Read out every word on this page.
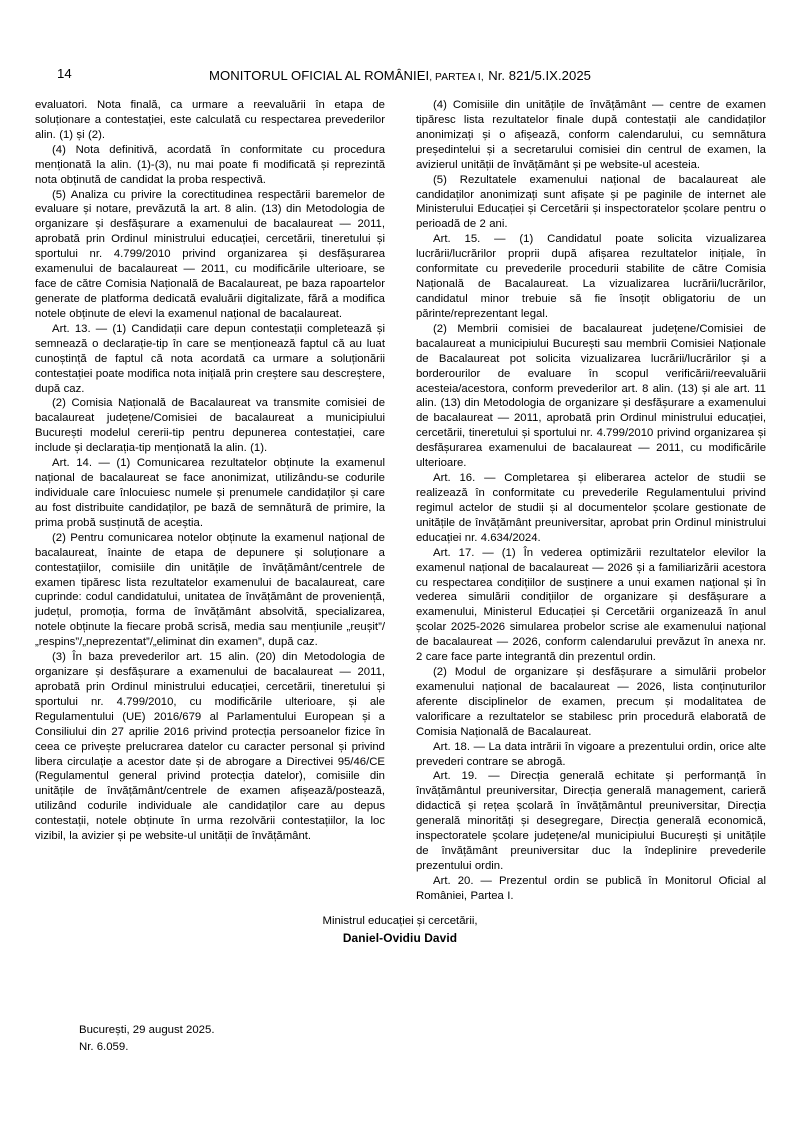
14	MONITORUL OFICIAL AL ROMÂNIEI, PARTEA I, Nr. 821/5.IX.2025

evaluatori. Nota finală, ca urmare a reevaluării în etapa de soluționare a contestației, este calculată cu respectarea prevederilor alin. (1) și (2).

(4) Nota definitivă, acordată în conformitate cu procedura menționată la alin. (1)-(3), nu mai poate fi modificată și reprezintă nota obținută de candidat la proba respectivă.

(5) Analiza cu privire la corectitudinea respectării baremelor de evaluare și notare, prevăzută la art. 8 alin. (13) din Metodologia de organizare și desfășurare a examenului de bacalaureat — 2011, aprobată prin Ordinul ministrului educației, cercetării, tineretului și sportului nr. 4.799/2010 privind organizarea și desfășurarea examenului de bacalaureat — 2011, cu modificările ulterioare, se face de către Comisia Națională de Bacalaureat, pe baza rapoartelor generate de platforma dedicată evaluării digitalizate, fără a modifica notele obținute de elevi la examenul național de bacalaureat.

Art. 13. — (1) Candidații care depun contestații completează și semnează o declarație-tip în care se menționează faptul că au luat cunoștință de faptul că nota acordată ca urmare a soluționării contestației poate modifica nota inițială prin creștere sau descreștere, după caz.

(2) Comisia Națională de Bacalaureat va transmite comisiei de bacalaureat județene/Comisiei de bacalaureat a municipiului București modelul cererii-tip pentru depunerea contestației, care include și declarația-tip menționată la alin. (1).

Art. 14. — (1) Comunicarea rezultatelor obținute la examenul național de bacalaureat se face anonimizat, utilizându-se codurile individuale care înlocuiesc numele și prenumele candidaților și care au fost distribuite candidaților, pe bază de semnătură de primire, la prima probă susținută de aceștia.

(2) Pentru comunicarea notelor obținute la examenul național de bacalaureat, înainte de etapa de depunere și soluționare a contestațiilor, comisiile din unitățile de învățământ/centrele de examen tipăresc lista rezultatelor examenului de bacalaureat, care cuprinde: codul candidatului, unitatea de învățământ de proveniență, județul, promoția, forma de învățământ absolvită, specializarea, notele obținute la fiecare probă scrisă, media sau mențiunile „reușit”/„respins”/„neprezentat”/„eliminat din examen”, după caz.

(3) În baza prevederilor art. 15 alin. (20) din Metodologia de organizare și desfășurare a examenului de bacalaureat — 2011, aprobată prin Ordinul ministrului educației, cercetării, tineretului și sportului nr. 4.799/2010, cu modificările ulterioare, și ale Regulamentului (UE) 2016/679 al Parlamentului European și a Consiliului din 27 aprilie 2016 privind protecția persoanelor fizice în ceea ce privește prelucrarea datelor cu caracter personal și privind libera circulație a acestor date și de abrogare a Directivei 95/46/CE (Regulamentul general privind protecția datelor), comisiile din unitățile de învățământ/centrele de examen afișează/postează, utilizând codurile individuale ale candidaților care au depus contestații, notele obținute în urma rezolvării contestațiilor, la loc vizibil, la avizier și pe website-ul unității de învățământ.

(4) Comisiile din unitățile de învățământ — centre de examen tipăresc lista rezultatelor finale după contestații ale candidaților anonimizați și o afișează, conform calendarului, cu semnătura președintelui și a secretarului comisiei din centrul de examen, la avizierul unității de învățământ și pe website-ul acesteia.

(5) Rezultatele examenului național de bacalaureat ale candidaților anonimizați sunt afișate și pe paginile de internet ale Ministerului Educației și Cercetării și inspectoratelor școlare pentru o perioadă de 2 ani.

Art. 15. — (1) Candidatul poate solicita vizualizarea lucrării/lucrărilor proprii după afișarea rezultatelor inițiale, în conformitate cu prevederile procedurii stabilite de către Comisia Națională de Bacalaureat. La vizualizarea lucrării/lucrărilor, candidatul minor trebuie să fie însoțit obligatoriu de un părinte/reprezentant legal.

(2) Membrii comisiei de bacalaureat județene/Comisiei de bacalaureat a municipiului București sau membrii Comisiei Naționale de Bacalaureat pot solicita vizualizarea lucrării/lucrărilor și a borderourilor de evaluare în scopul verificării/reevaluării acesteia/acestora, conform prevederilor art. 8 alin. (13) și ale art. 11 alin. (13) din Metodologia de organizare și desfășurare a examenului de bacalaureat — 2011, aprobată prin Ordinul ministrului educației, cercetării, tineretului și sportului nr. 4.799/2010 privind organizarea și desfășurarea examenului de bacalaureat — 2011, cu modificările ulterioare.

Art. 16. — Completarea și eliberarea actelor de studii se realizează în conformitate cu prevederile Regulamentului privind regimul actelor de studii și al documentelor școlare gestionate de unitățile de învățământ preuniversitar, aprobat prin Ordinul ministrului educației nr. 4.634/2024.

Art. 17. — (1) În vederea optimizării rezultatelor elevilor la examenul național de bacalaureat — 2026 și a familiarizării acestora cu respectarea condițiilor de susținere a unui examen național și în vederea simulării condițiilor de organizare și desfășurare a examenului, Ministerul Educației și Cercetării organizează în anul școlar 2025-2026 simularea probelor scrise ale examenului național de bacalaureat — 2026, conform calendarului prevăzut în anexa nr. 2 care face parte integrantă din prezentul ordin.

(2) Modul de organizare și desfășurare a simulării probelor examenului național de bacalaureat — 2026, lista conținuturilor aferente disciplinelor de examen, precum și modalitatea de valorificare a rezultatelor se stabilesc prin procedură elaborată de Comisia Națională de Bacalaureat.

Art. 18. — La data intrării în vigoare a prezentului ordin, orice alte prevederi contrare se abrogă.

Art. 19. — Direcția generală echitate și performanță în învățământul preuniversitar, Direcția generală management, carieră didactică și rețea școlară în învățământul preuniversitar, Direcția generală minorități și desegregare, Direcția generală economică, inspectoratele școlare județene/al municipiului București și unitățile de învățământ preuniversitar duc la îndeplinire prevederile prezentului ordin.

Art. 20. — Prezentul ordin se publică în Monitorul Oficial al României, Partea I.

Ministrul educației și cercetării,
Daniel-Ovidiu David
București, 29 august 2025.
Nr. 6.059.
